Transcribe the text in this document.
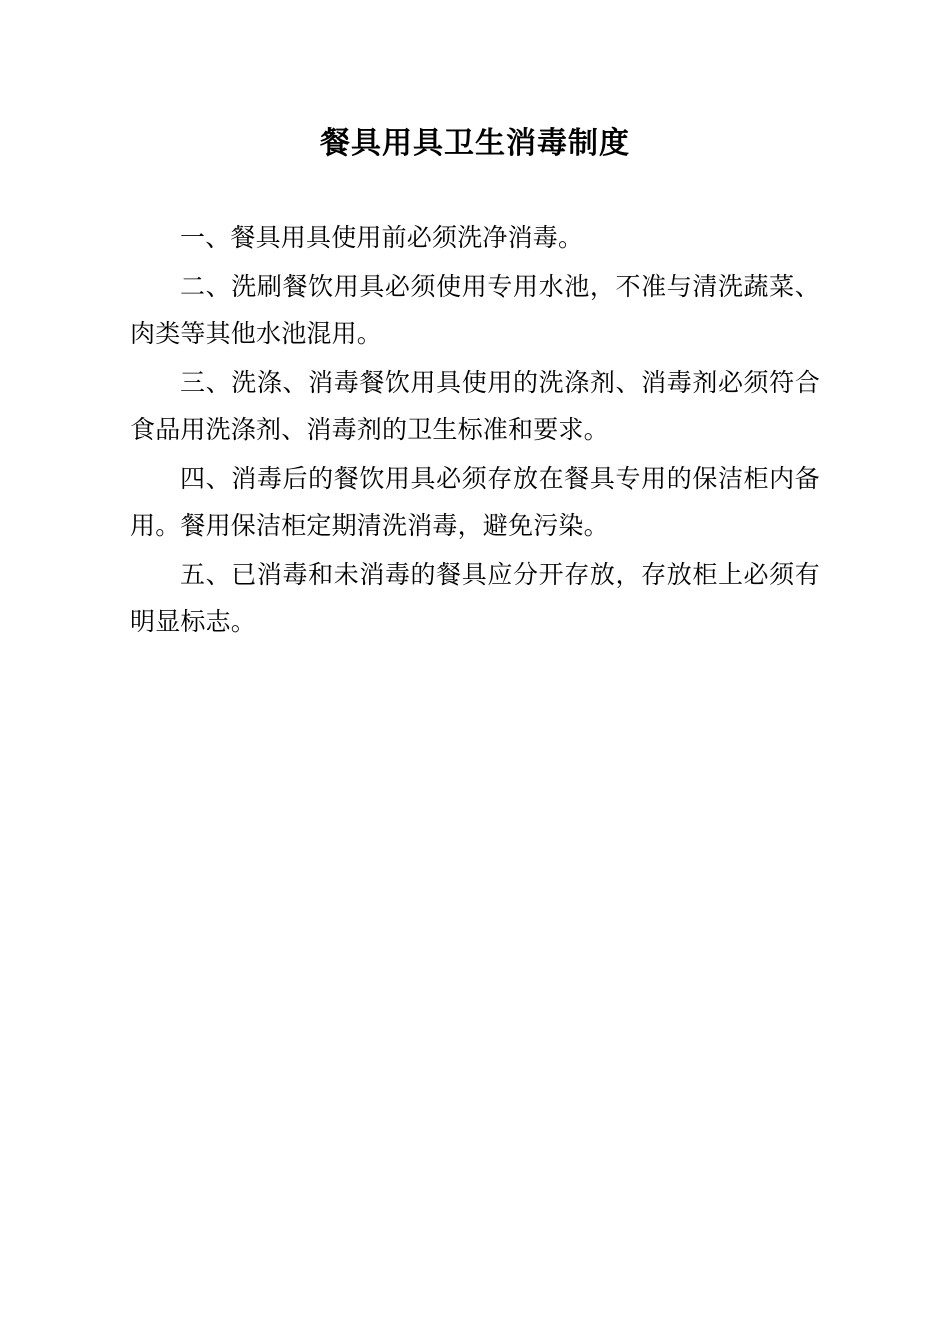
餐具用具卫生消毒制度

一、餐具用具使用前必须洗净消毒。

二、洗刷餐饮用具必须使用专用水池，不准与清洗蔬菜、肉类等其他水池混用。

三、洗涤、消毒餐饮用具使用的洗涤剂、消毒剂必须符合食品用洗涤剂、消毒剂的卫生标准和要求。

四、消毒后的餐饮用具必须存放在餐具专用的保洁柜内备用。餐用保洁柜定期清洗消毒，避免污染。

五、已消毒和未消毒的餐具应分开存放，存放柜上必须有明显标志。
